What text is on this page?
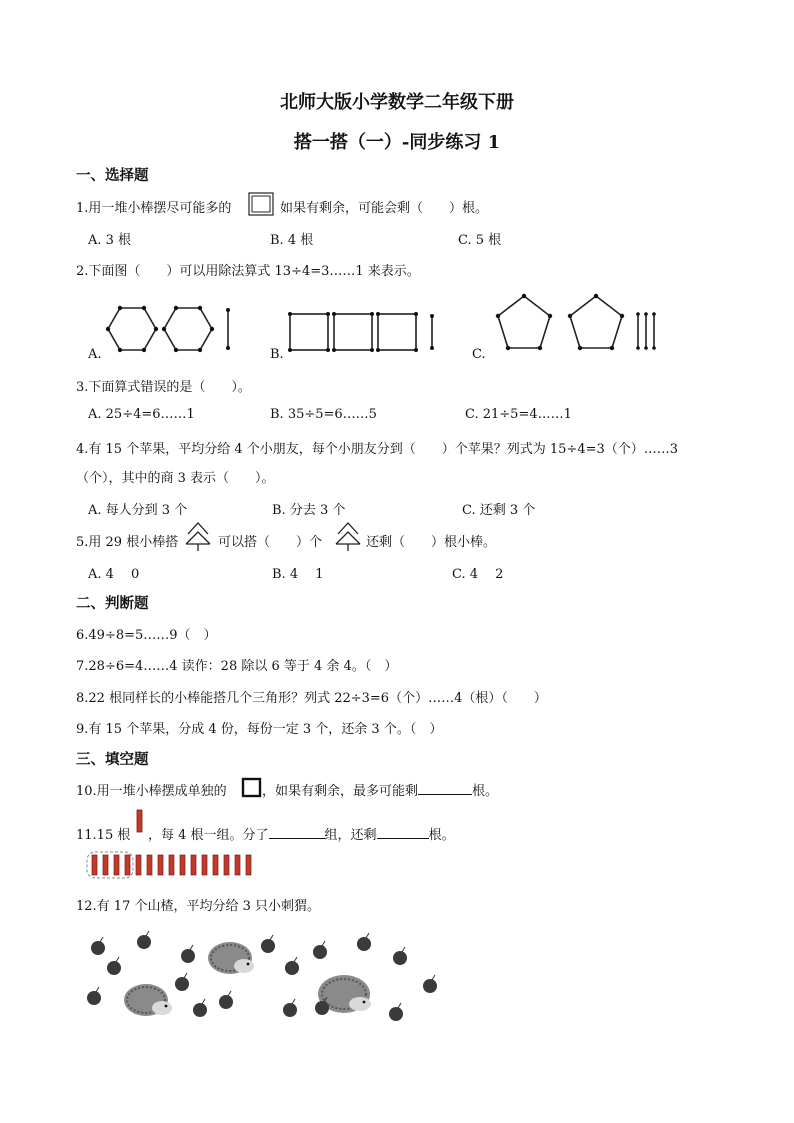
北师大版小学数学二年级下册
搭一搭（一）-同步练习 1
一、选择题
1.用一堆小棒摆尽可能多的	如果有剩余，可能会剩（　　）根。
A. 3 根	B. 4 根	C. 5 根
2.下面图（　　）可以用除法算式 13÷4=3……1 来表示。
A.	B.	C.
3.下面算式错误的是（　　）。
A. 25÷4=6……1	B. 35÷5=6……5	C. 21÷5=4……1
4.有 15 个苹果，平均分给 4 个小朋友，每个小朋友分到（　　）个苹果？列式为 15÷4=3（个）……3
（个），其中的商 3 表示（　　）。
A. 每人分到 3 个	B. 分去 3 个	C. 还剩 3 个
5.用 29 根小棒搭	可以搭（　　）个	还剩（　　）根小棒。
A. 4　 0	B. 4　 1	C. 4　 2
二、判断题
6.49÷8=5……9（　）
7.28÷6=4……4 读作：28 除以 6 等于 4 余 4。（　）
8.22 根同样长的小棒能搭几个三角形？列式 22÷3=6（个）……4（根）（　　）
9.有 15 个苹果，分成 4 份，每份一定 3 个，还余 3 个。（　）
三、填空题
10.用一堆小棒摆成单独的	，如果有剩余，最多可能剩	根。
11.15 根 ，每 4 根一组。分了	组，还剩	根。
12.有 17 个山楂，平均分给 3 只小刺猬。
